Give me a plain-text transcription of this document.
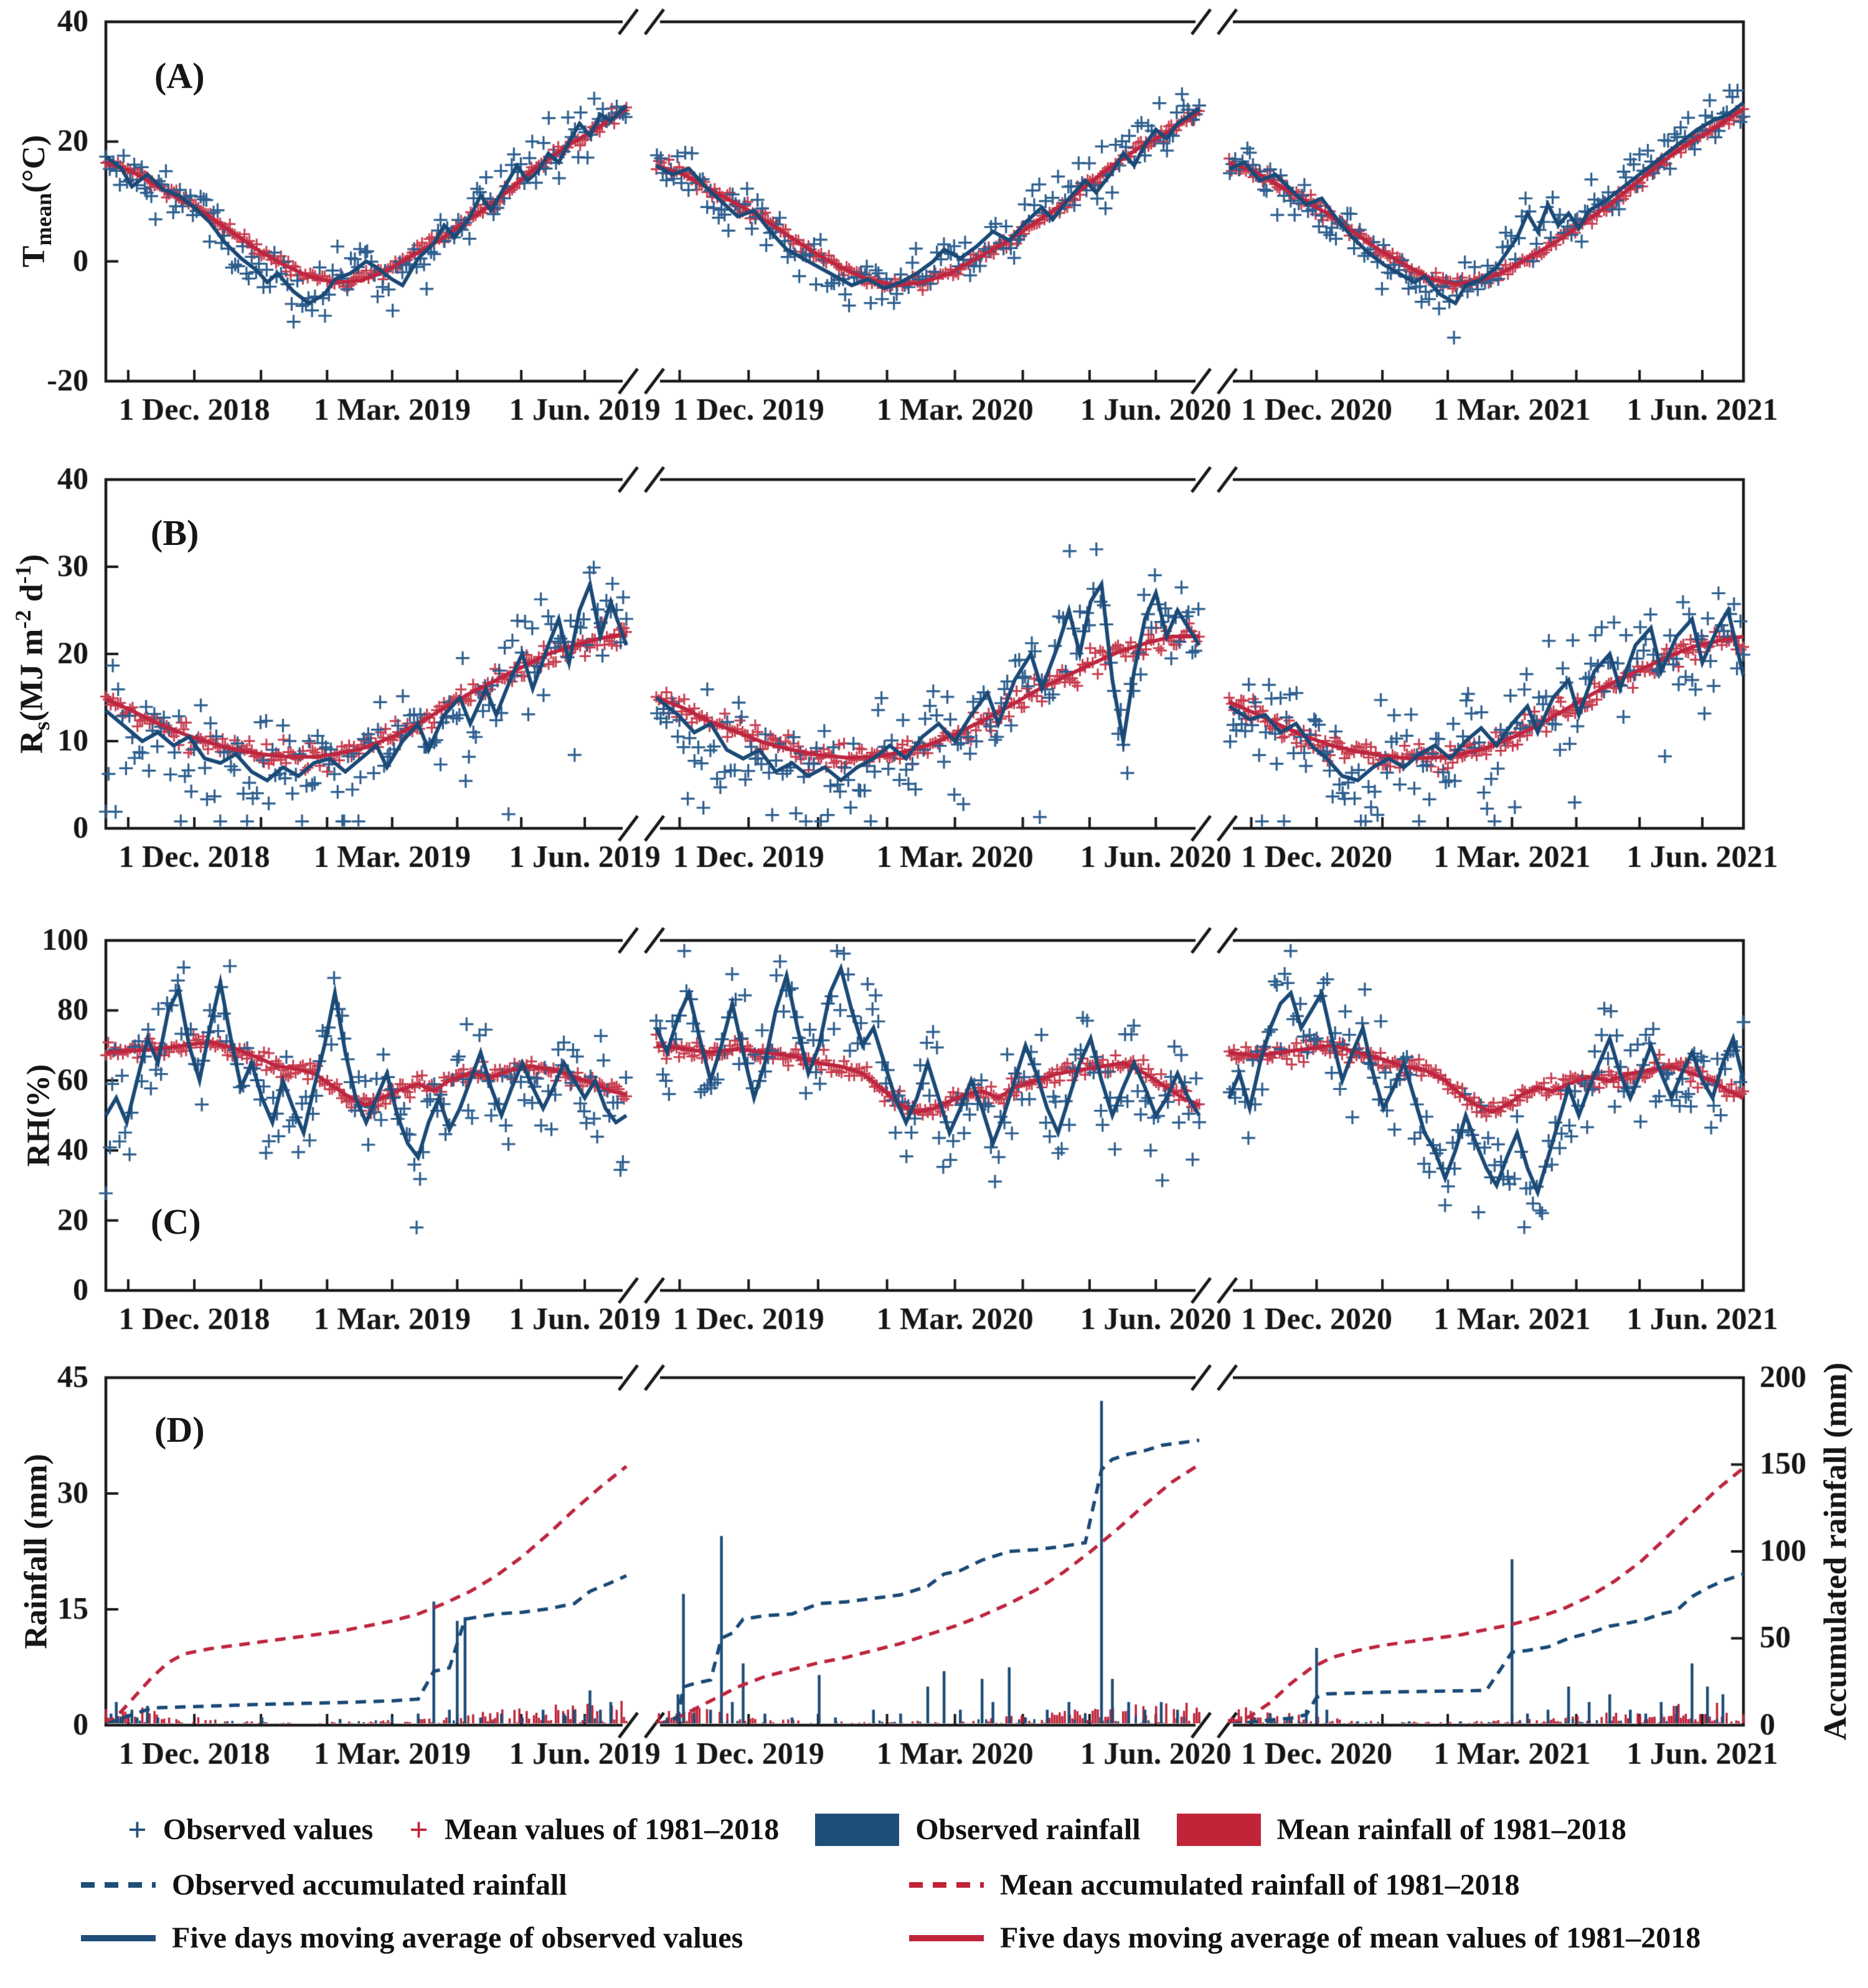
(A)
(B)
(C)
(D)
$T_{mean}(^\circ C)$
$R_s(MJ$ $m^{-2}$ $d^{-1}$)
RH(%)
Rainfall (mm)	Accumulated rainfall (mm)
+ Observed values + Mean values of 1981–2018	Observed rainfall	Mean rainfall of 1981–2018
Observed accumulated rainfall	Mean accumulated rainfall of 1981–2018
Five days moving average of observed values	Five days moving average of mean values of 1981–2018
